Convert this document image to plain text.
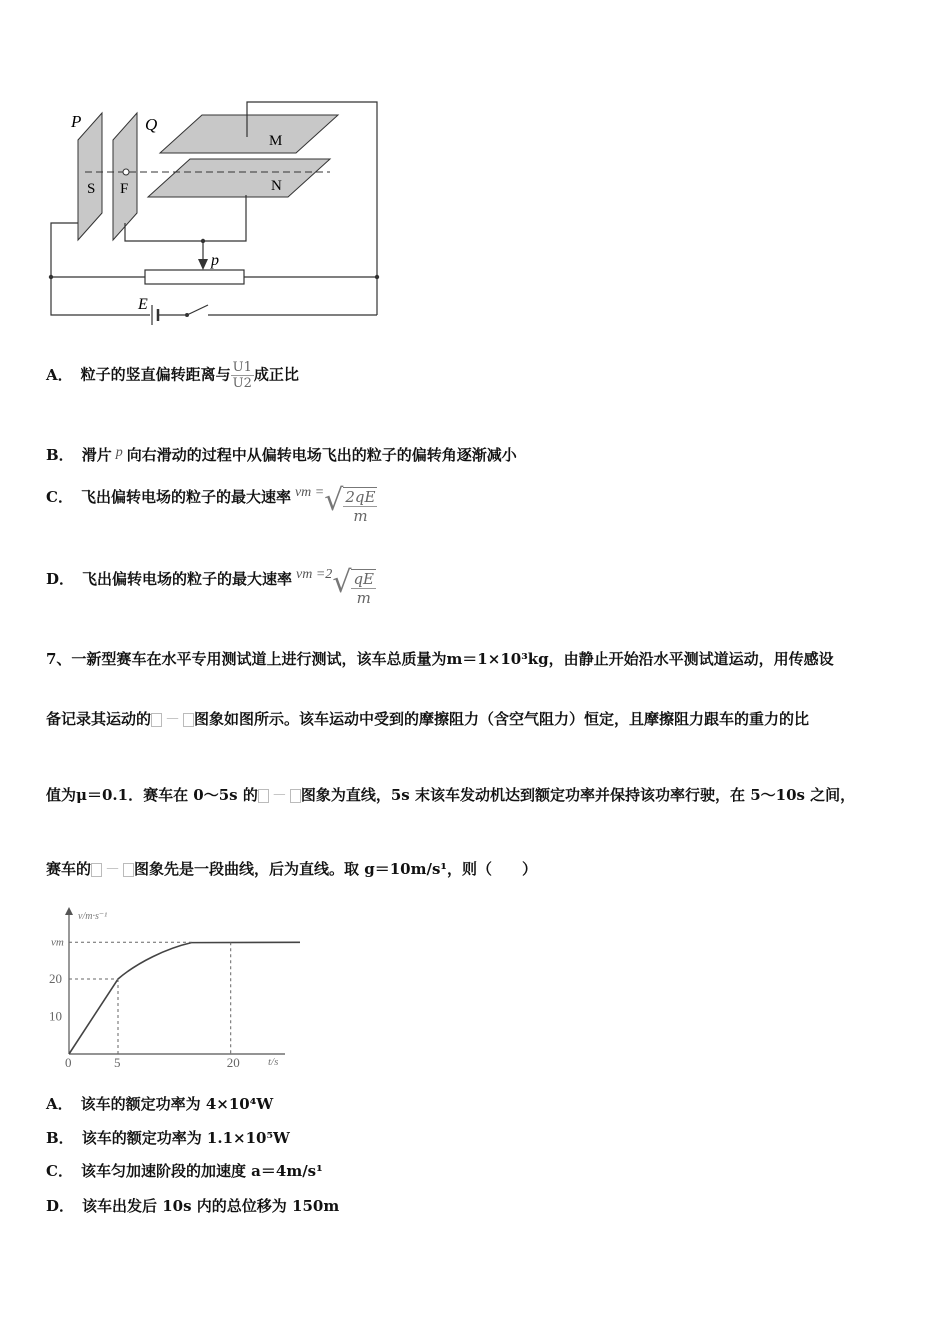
P	Q
M
N
S F
p
E
A． 粒子的竖直偏转距离与 $\frac{U1}{U2}$ 成正比
B． 滑片 p 向右滑动的过程中从偏转电场飞出的粒子的偏转角逐渐减小
C． 飞出偏转电场的粒子的最大速率 vm =√ $\frac{2qE}{m}$
D． 飞出偏转电场的粒子的最大速率 vm $=2√ \frac{qE}{m}$
7、一新型赛车在水平专用测试道上进行测试，该车总质量为m＝1×10³kg，由静止开始沿水平测试道运动，用传感设
备记录其运动的 － 图象如图所示。该车运动中受到的摩擦阻力（含空气阻力）恒定，且摩擦阻力跟车的重力的比
值为μ＝0.1．赛车在 0～5s 的 － 图象为直线，5s 末该车发动机达到额定功率并保持该功率行驶，在 5～10s 之间，
赛车的 － 图象先是一段曲线，后为直线。取 g＝10m/s¹，则（　　）
v/m·s⁻¹
t/s
0	5	20
10
20
vm
A． 该车的额定功率为 4×10⁴W
B． 该车的额定功率为 1.1×10⁵W
C． 该车匀加速阶段的加速度 a＝4m/s¹
D． 该车出发后 10s 内的总位移为 150m
